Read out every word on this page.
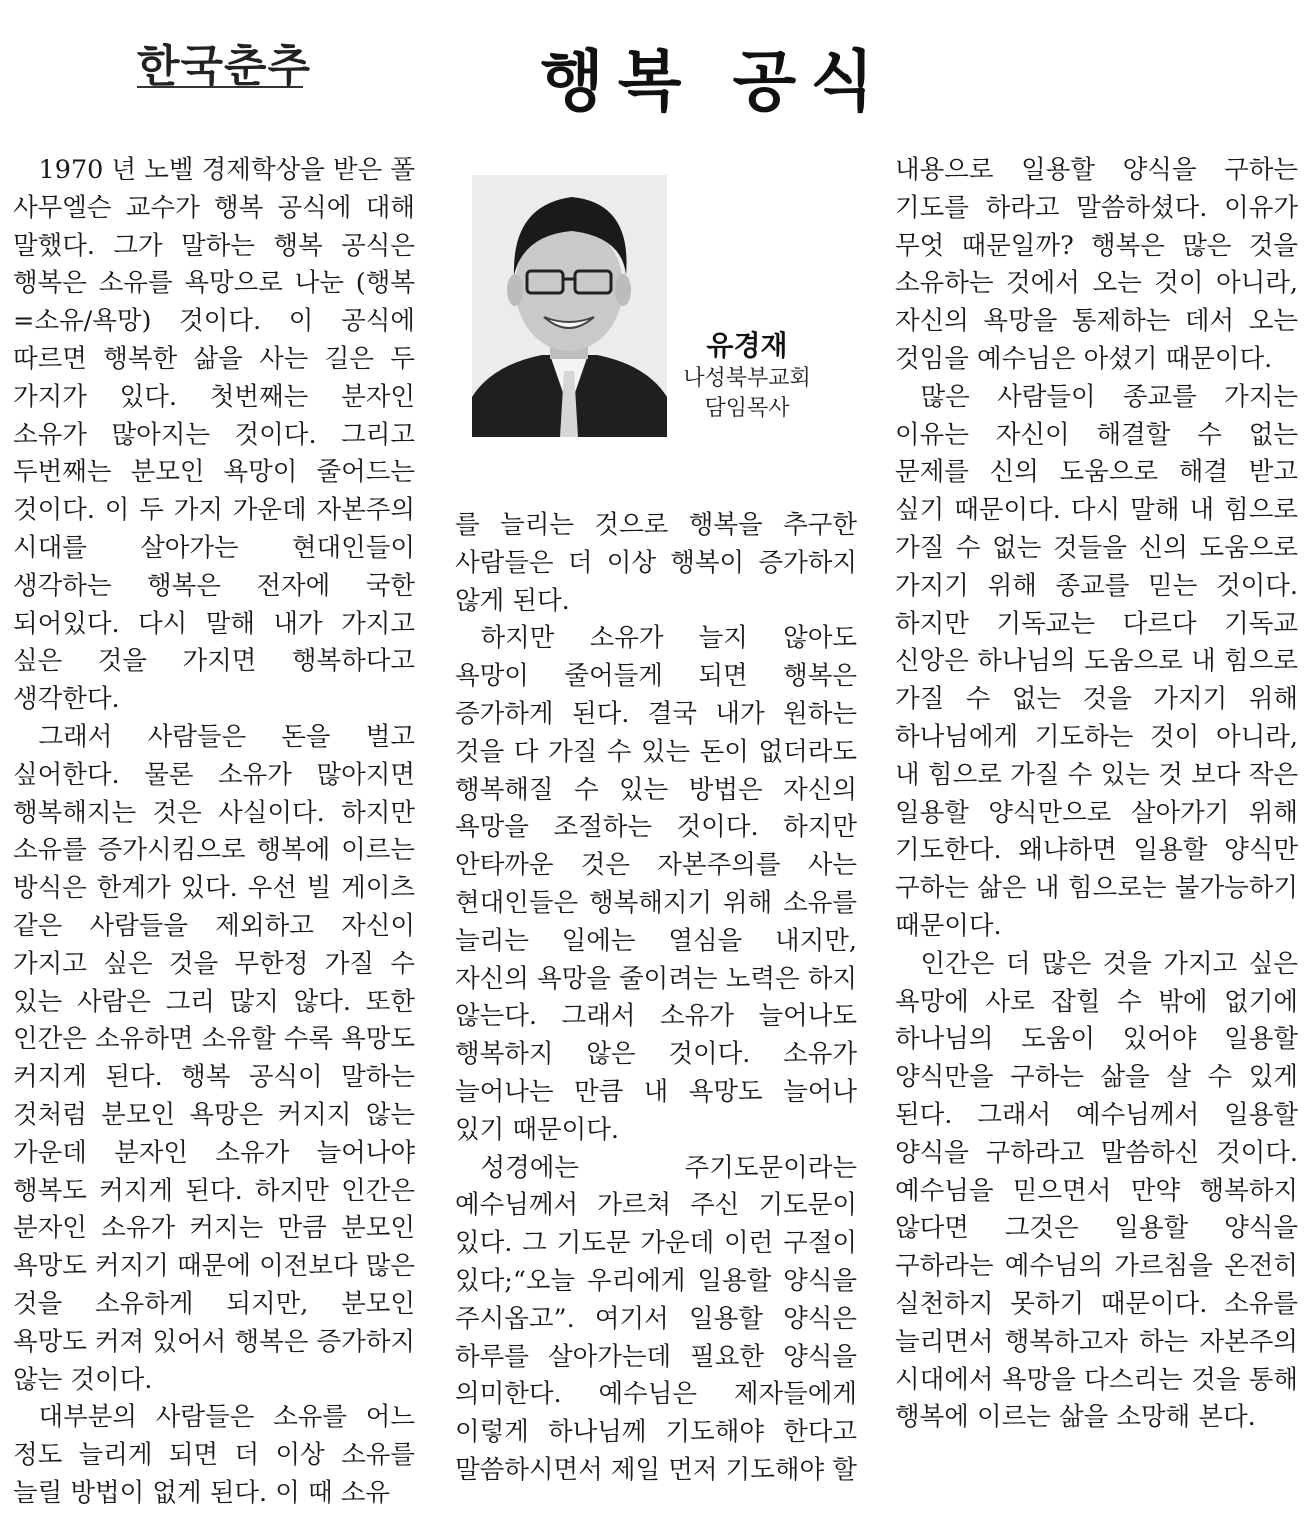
한국춘추	행복 공식
유경재
나성북부교회
담임목사

1970 년 노벨 경제학상을 받은 폴 사무엘슨 교수가 행복 공식에 대해 말했다. 그가 말하는 행복 공식은 행복은 소유를 욕망으로 나눈 (행복=소유/욕망) 것이다. 이 공식에 따르면 행복한 삶을 사는 길은 두 가지가 있다. 첫번째는 분자인 소유가 많아지는 것이다. 그리고 두번째는 분모인 욕망이 줄어드는 것이다. 이 두 가지 가운데 자본주의 시대를 살아가는 현대인들이 생각하는 행복은 전자에 국한 되어있다. 다시 말해 내가 가지고 싶은 것을 가지면 행복하다고 생각한다.

그래서 사람들은 돈을 벌고 싶어한다. 물론 소유가 많아지면 행복해지는 것은 사실이다. 하지만 소유를 증가시킴으로 행복에 이르는 방식은 한계가 있다. 우선 빌 게이츠 같은 사람들을 제외하고 자신이 가지고 싶은 것을 무한정 가질 수 있는 사람은 그리 많지 않다. 또한 인간은 소유하면 소유할 수록 욕망도 커지게 된다. 행복 공식이 말하는 것처럼 분모인 욕망은 커지지 않는 가운데 분자인 소유가 늘어나야 행복도 커지게 된다. 하지만 인간은 분자인 소유가 커지는 만큼 분모인 욕망도 커지기 때문에 이전보다 많은 것을 소유하게 되지만, 분모인 욕망도 커져 있어서 행복은 증가하지 않는 것이다.

대부분의 사람들은 소유를 어느 정도 늘리게 되면 더 이상 소유를 늘릴 방법이 없게 된다. 이 때 소유

를 늘리는 것으로 행복을 추구한 사람들은 더 이상 행복이 증가하지 않게 된다.

하지만 소유가 늘지 않아도 욕망이 줄어들게 되면 행복은 증가하게 된다. 결국 내가 원하는 것을 다 가질 수 있는 돈이 없더라도 행복해질 수 있는 방법은 자신의 욕망을 조절하는 것이다. 하지만 안타까운 것은 자본주의를 사는 현대인들은 행복해지기 위해 소유를 늘리는 일에는 열심을 내지만, 자신의 욕망을 줄이려는 노력은 하지 않는다. 그래서 소유가 늘어나도 행복하지 않은 것이다. 소유가 늘어나는 만큼 내 욕망도 늘어나 있기 때문이다.

성경에는 주기도문이라는 예수님께서 가르쳐 주신 기도문이 있다. 그 기도문 가운데 이런 구절이 있다;“오늘 우리에게 일용할 양식을 주시옵고”. 여기서 일용할 양식은 하루를 살아가는데 필요한 양식을 의미한다. 예수님은 제자들에게 이렇게 하나님께 기도해야 한다고 말씀하시면서 제일 먼저 기도해야 할

내용으로 일용할 양식을 구하는 기도를 하라고 말씀하셨다. 이유가 무엇 때문일까? 행복은 많은 것을 소유하는 것에서 오는 것이 아니라, 자신의 욕망을 통제하는 데서 오는 것임을 예수님은 아셨기 때문이다.

많은 사람들이 종교를 가지는 이유는 자신이 해결할 수 없는 문제를 신의 도움으로 해결 받고 싶기 때문이다. 다시 말해 내 힘으로 가질 수 없는 것들을 신의 도움으로 가지기 위해 종교를 믿는 것이다. 하지만 기독교는 다르다 기독교 신앙은 하나님의 도움으로 내 힘으로 가질 수 없는 것을 가지기 위해 하나님에게 기도하는 것이 아니라, 내 힘으로 가질 수 있는 것 보다 작은 일용할 양식만으로 살아가기 위해 기도한다. 왜냐하면 일용할 양식만 구하는 삶은 내 힘으로는 불가능하기 때문이다.

인간은 더 많은 것을 가지고 싶은 욕망에 사로 잡힐 수 밖에 없기에 하나님의 도움이 있어야 일용할 양식만을 구하는 삶을 살 수 있게 된다. 그래서 예수님께서 일용할 양식을 구하라고 말씀하신 것이다. 예수님을 믿으면서 만약 행복하지 않다면 그것은 일용할 양식을 구하라는 예수님의 가르침을 온전히 실천하지 못하기 때문이다. 소유를 늘리면서 행복하고자 하는 자본주의 시대에서 욕망을 다스리는 것을 통해 행복에 이르는 삶을 소망해 본다.
